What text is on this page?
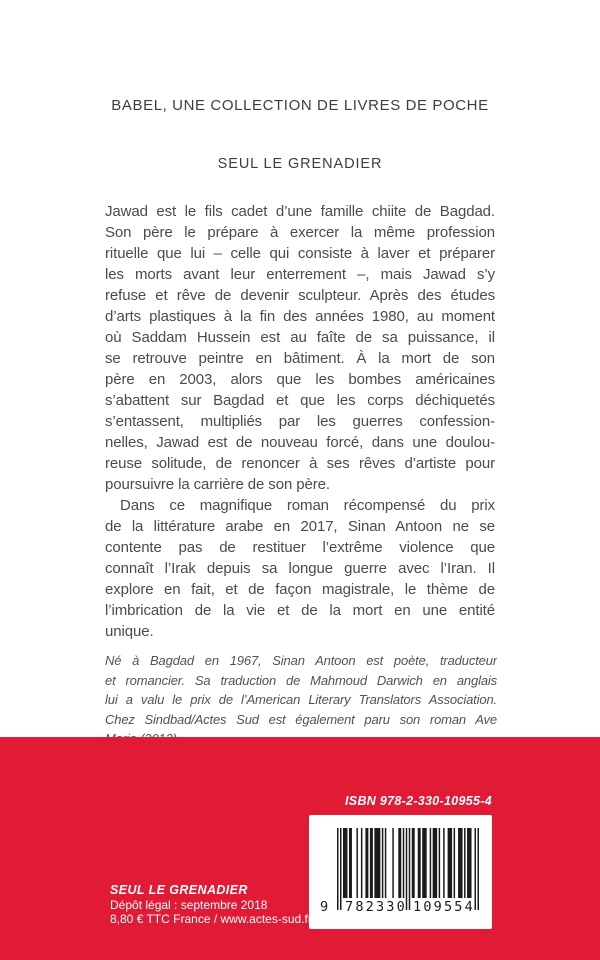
BABEL, UNE COLLECTION DE LIVRES DE POCHE
SEUL LE GRENADIER
Jawad est le fils cadet d’une famille chiite de Bagdad.
Son père le prépare à exercer la même profession
rituelle que lui – celle qui consiste à laver et préparer
les morts avant leur enterrement –, mais Jawad s’y
refuse et rêve de devenir sculpteur. Après des études
d’arts plastiques à la fin des années 1980, au moment
où Saddam Hussein est au faîte de sa puissance, il
se retrouve peintre en bâtiment. À la mort de son
père en 2003, alors que les bombes américaines
s’abattent sur Bagdad et que les corps déchiquetés
s’entassent, multipliés par les guerres confession-
nelles, Jawad est de nouveau forcé, dans une doulou-
reuse solitude, de renoncer à ses rêves d’artiste pour
poursuivre la carrière de son père.
Dans ce magnifique roman récompensé du prix
de la littérature arabe en 2017, Sinan Antoon ne se
contente pas de restituer l’extrême violence que
connaît l’Irak depuis sa longue guerre avec l’Iran. Il
explore en fait, et de façon magistrale, le thème de
l’imbrication de la vie et de la mort en une entité
unique.
Né à Bagdad en 1967, Sinan Antoon est poète, traducteur
et romancier. Sa traduction de Mahmoud Darwich en anglais
lui a valu le prix de l’American Literary Translators Association.
Chez Sindbad/Actes Sud est également paru son roman Ave
ISBN 978-2-330-10955-4
9 782330 109554
SEUL LE GRENADIER
Dépôt légal : septembre 2018
8,80 € TTC France / www.actes-sud.fr
